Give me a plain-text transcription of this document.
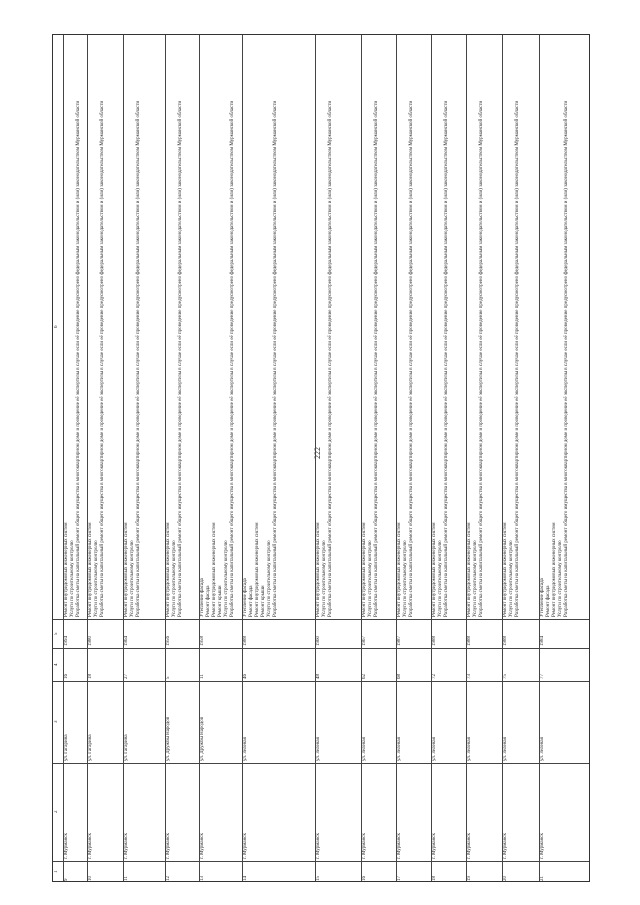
222
1
2
3
4
5
6
9
г. Мурманск
ул. Гагарина
16
1994
Ремонт внутридомовых инженерных систем Услуги по строительному контролю Разработка сметы на капитальный ремонт общего имущества в многоквартирном доме и проведение её экспертизы в случае если её проведение предусмотрено федеральным законодательством и (или) законодательством Мурманской области
10
г. Мурманск
ул. Гагарина
18
1980
Ремонт внутридомовых инженерных систем Услуги по строительному контролю Разработка сметы на капитальный ремонт общего имущества в многоквартирном доме и проведение её экспертизы в случае если её проведение предусмотрено федеральным законодательством и (или) законодательством Мурманской области
11
г. Мурманск
ул. Гагарина
27
1964
Ремонт внутридомовых инженерных систем Услуги по строительному контролю Разработка сметы на капитальный ремонт общего имущества в многоквартирном доме и проведение её экспертизы в случае если её проведение предусмотрено федеральным законодательством и (или) законодательством Мурманской области
12
г. Мурманск
ул. Дружбы Народов
5
1956
Ремонт внутридомовых инженерных систем Услуги по строительному контролю Разработка сметы на капитальный ремонт общего имущества в многоквартирном доме и проведение её экспертизы в случае если её проведение предусмотрено федеральным законодательством и (или) законодательством Мурманской области
13
г. Мурманск
ул. Дружбы Народов
11
1958
Утепление фасада Ремонт фасада Ремонт внутридомовых инженерных систем Ремонт крыши Услуги по строительному контролю Разработка сметы на капитальный ремонт общего имущества в многоквартирном доме и проведение её экспертизы в случае если её проведение предусмотрено федеральным законодательством и (или) законодательством Мурманской области
14
г. Мурманск
ул. Зеленая
46
1988
Утепление фасада Ремонт фасада Ремонт внутридомовых инженерных систем Ремонт крыши Услуги по строительному контролю Разработка сметы на капитальный ремонт общего имущества в многоквартирном доме и проведение её экспертизы в случае если её проведение предусмотрено федеральным законодательством и (или) законодательством Мурманской области
15
г. Мурманск
ул. Зеленая
48
1960
Ремонт внутридомовых инженерных систем Услуги по строительному контролю Разработка сметы на капитальный ремонт общего имущества в многоквартирном доме и проведение её экспертизы в случае если её проведение предусмотрено федеральным законодательством и (или) законодательством Мурманской области
16
г. Мурманск
ул. Зеленая
62
1967
Ремонт внутридомовых инженерных систем Услуги по строительному контролю Разработка сметы на капитальный ремонт общего имущества в многоквартирном доме и проведение её экспертизы в случае если её проведение предусмотрено федеральным законодательством и (или) законодательством Мурманской области
17
г. Мурманск
ул. Зеленая
68
1987
Ремонт внутридомовых инженерных систем Услуги по строительному контролю Разработка сметы на капитальный ремонт общего имущества в многоквартирном доме и проведение её экспертизы в случае если её проведение предусмотрено федеральным законодательством и (или) законодательством Мурманской области
18
г. Мурманск
ул. Зеленая
72
1988
Ремонт внутридомовых инженерных систем Услуги по строительному контролю Разработка сметы на капитальный ремонт общего имущества в многоквартирном доме и проведение её экспертизы в случае если её проведение предусмотрено федеральным законодательством и (или) законодательством Мурманской области
19
г. Мурманск
ул. Зеленая
73
1988
Ремонт внутридомовых инженерных систем Услуги по строительному контролю Разработка сметы на капитальный ремонт общего имущества в многоквартирном доме и проведение её экспертизы в случае если её проведение предусмотрено федеральным законодательством и (или) законодательством Мурманской области
20
г. Мурманск
ул. Зеленая
75
1988
Ремонт внутридомовых инженерных систем Услуги по строительному контролю Разработка сметы на капитальный ремонт общего имущества в многоквартирном доме и проведение её экспертизы в случае если её проведение предусмотрено федеральным законодательством и (или) законодательством Мурманской области
21
г. Мурманск
ул. Зеленая
77
1984
Утепление фасада Ремонт фасада Ремонт внутридомовых инженерных систем Услуги по строительному контролю Разработка сметы на капитальный ремонт общего имущества в многоквартирном доме и проведение её экспертизы в случае если её проведение предусмотрено федеральным законодательством и (или) законодательством Мурманской области
